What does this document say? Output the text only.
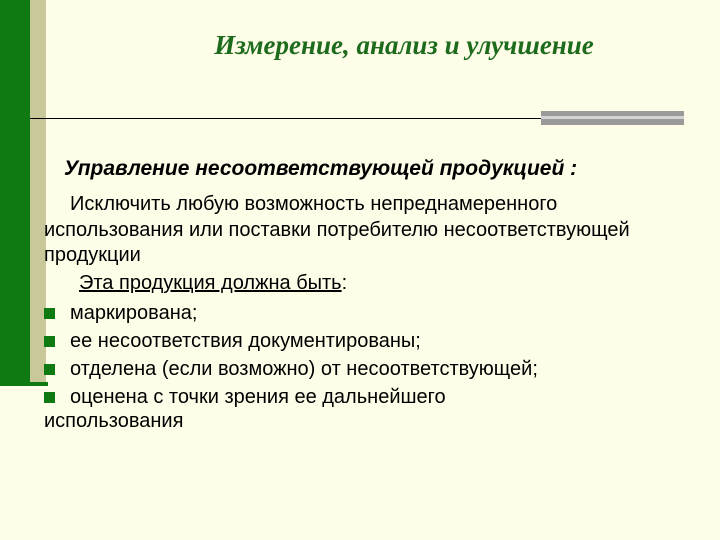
Измерение, анализ и улучшение
Управление несоответствующей продукцией :
Исключить любую возможность непреднамеренного использования или поставки потребителю несоответствующей продукции
Эта продукция должна быть:
маркирована;
ее несоответствия документированы;
отделена (если возможно) от несоответствующей;
оценена с точки зрения ее дальнейшего
использования
